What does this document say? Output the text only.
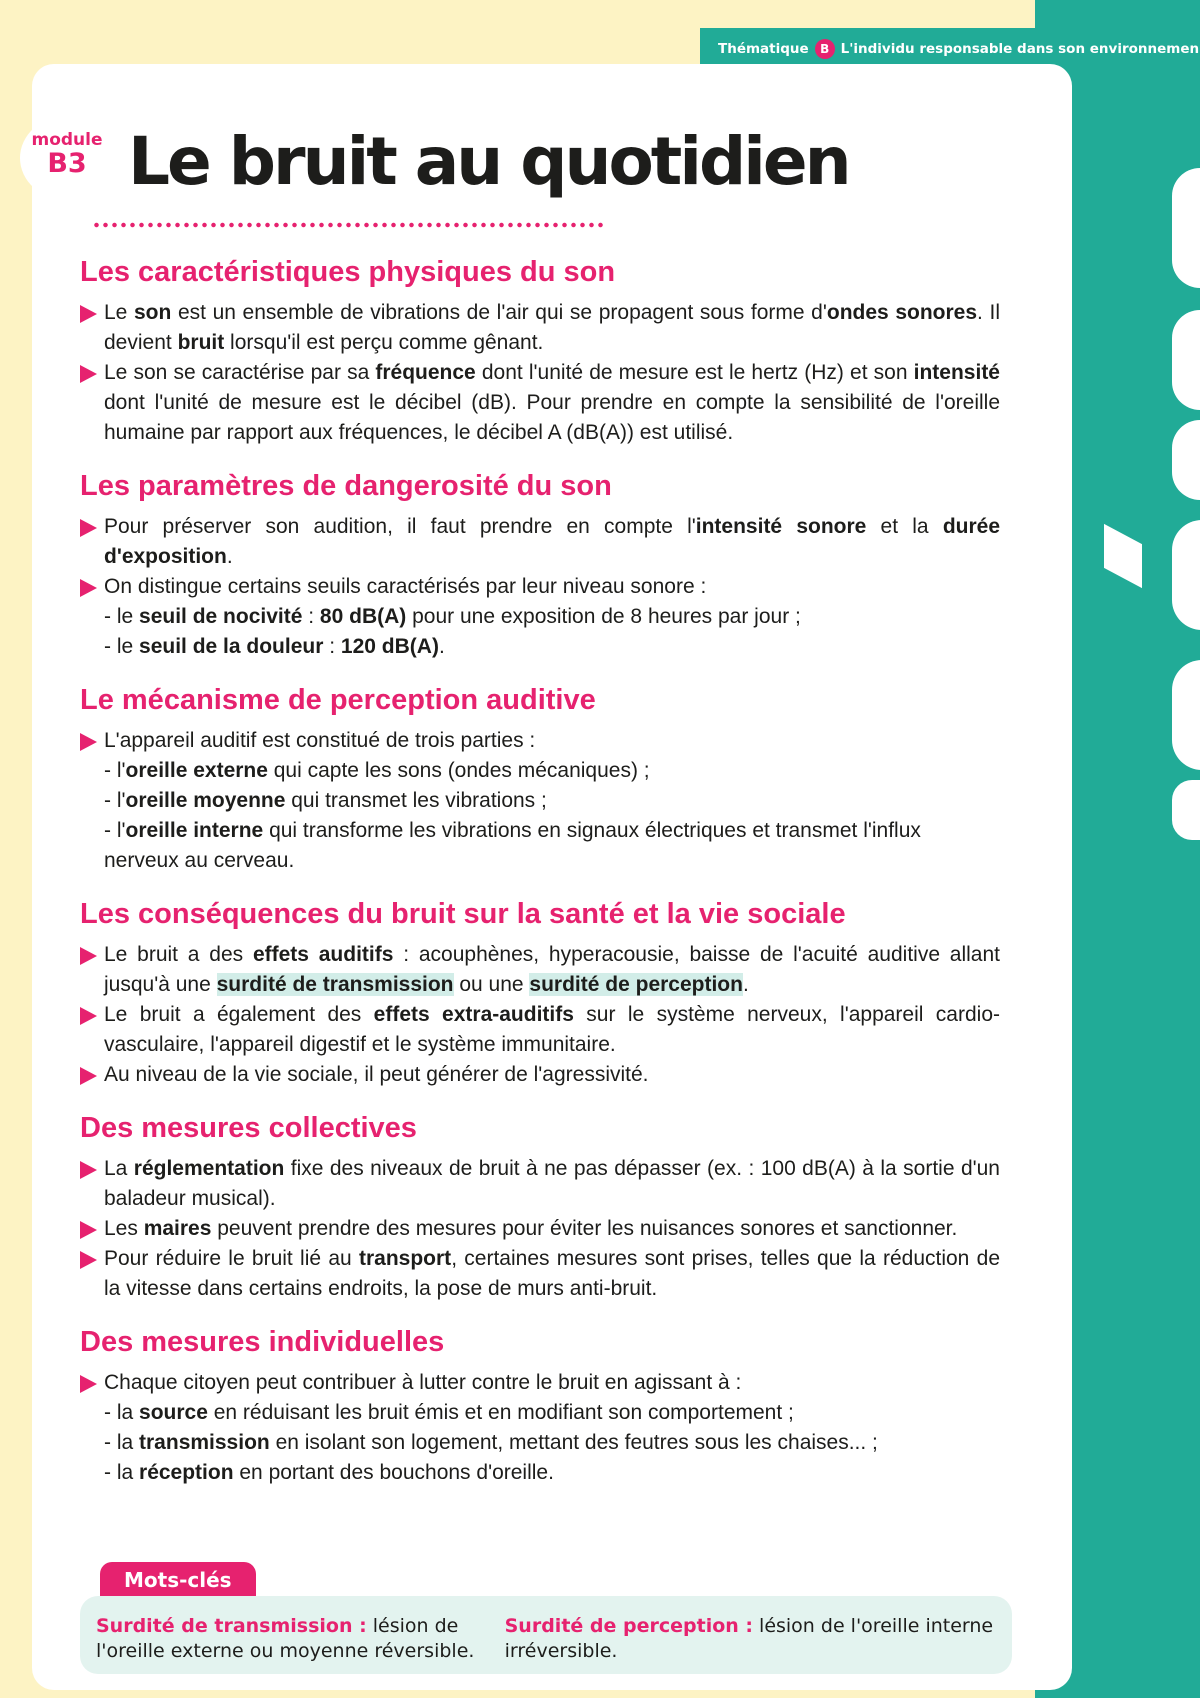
Thématique B L'individu responsable dans son environnemen
module
B3 Le bruit au quotidien
Les caractéristiques physiques du son

Le son est un ensemble de vibrations de l'air qui se propagent sous forme d'ondes sonores. Il devient bruit lorsqu'il est perçu comme gênant.

Le son se caractérise par sa fréquence dont l'unité de mesure est le hertz (Hz) et son intensité dont l'unité de mesure est le décibel (dB). Pour prendre en compte la sensibilité de l'oreille humaine par rapport aux fréquences, le décibel A (dB(A)) est utilisé.

Les paramètres de dangerosité du son

Pour préserver son audition, il faut prendre en compte l'intensité sonore et la durée d'exposition.

On distingue certains seuils caractérisés par leur niveau sonore :

- le seuil de nocivité : 80 dB(A) pour une exposition de 8 heures par jour ;

- le seuil de la douleur : 120 dB(A).

Le mécanisme de perception auditive

L'appareil auditif est constitué de trois parties :

- l'oreille externe qui capte les sons (ondes mécaniques) ;

- l'oreille moyenne qui transmet les vibrations ;

- l'oreille interne qui transforme les vibrations en signaux électriques et transmet l'influx nerveux au cerveau.

Les conséquences du bruit sur la santé et la vie sociale

Le bruit a des effets auditifs : acouphènes, hyperacousie, baisse de l'acuité auditive allant jusqu'à une surdité de transmission ou une surdité de perception.

Le bruit a également des effets extra-auditifs sur le système nerveux, l'appareil cardio-vasculaire, l'appareil digestif et le système immunitaire.

Au niveau de la vie sociale, il peut générer de l'agressivité.

Des mesures collectives

La réglementation fixe des niveaux de bruit à ne pas dépasser (ex. : 100 dB(A) à la sortie d'un baladeur musical).

Les maires peuvent prendre des mesures pour éviter les nuisances sonores et sanctionner.

Pour réduire le bruit lié au transport, certaines mesures sont prises, telles que la réduction de la vitesse dans certains endroits, la pose de murs anti-bruit.

Des mesures individuelles

Chaque citoyen peut contribuer à lutter contre le bruit en agissant à :

- la source en réduisant les bruit émis et en modifiant son comportement ;

- la transmission en isolant son logement, mettant des feutres sous les chaises... ;

- la réception en portant des bouchons d'oreille.

Mots-clés
Surdité de transmission : lésion de l'oreille externe ou moyenne réversible.
Surdité de perception : lésion de l'oreille interne irréversible.
